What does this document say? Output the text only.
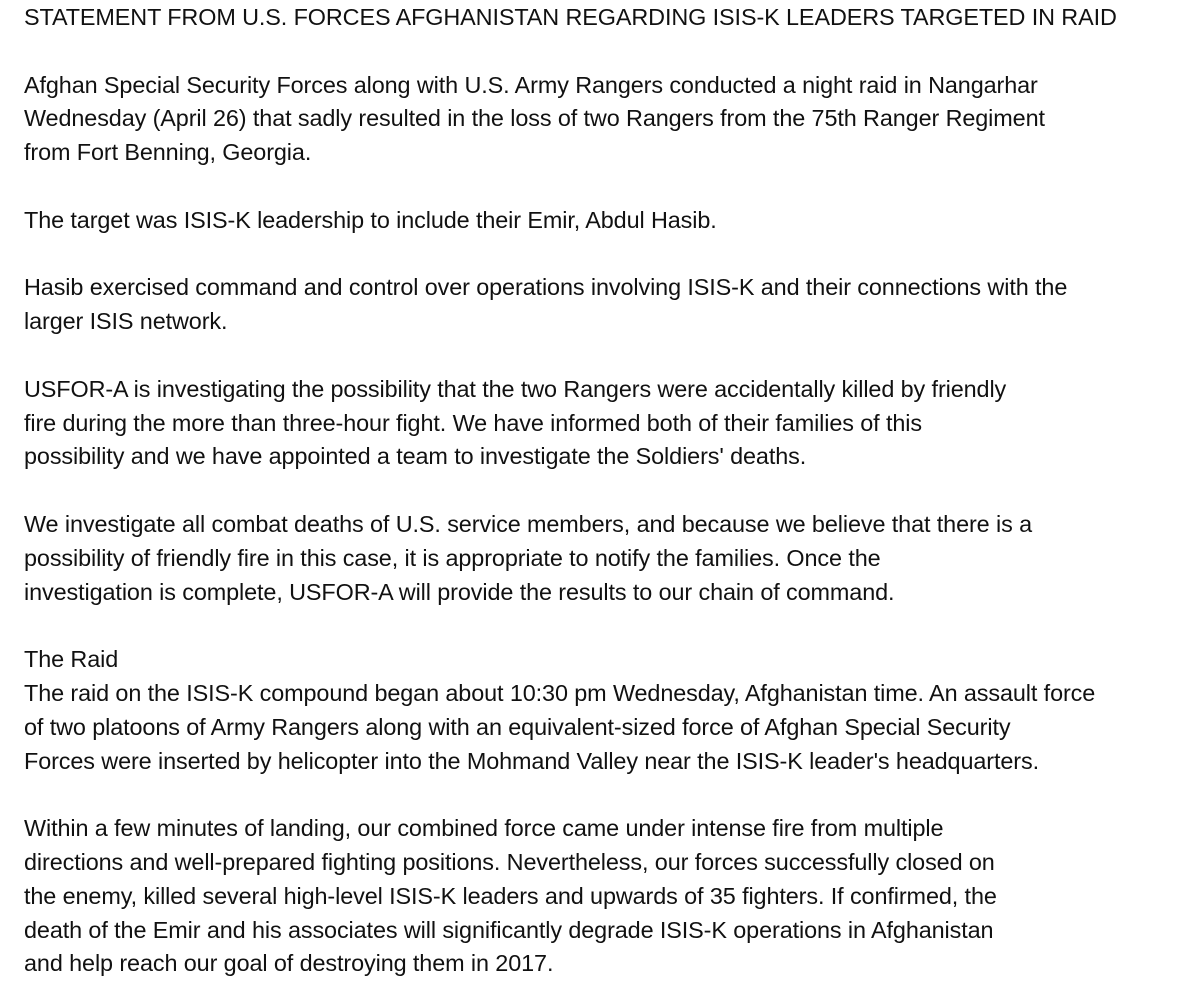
STATEMENT FROM U.S. FORCES AFGHANISTAN REGARDING ISIS-K LEADERS TARGETED IN RAID

Afghan Special Security Forces along with U.S. Army Rangers conducted a night raid in Nangarhar

Wednesday (April 26) that sadly resulted in the loss of two Rangers from the 75th Ranger Regiment

from Fort Benning, Georgia.

The target was ISIS-K leadership to include their Emir, Abdul Hasib.

Hasib exercised command and control over operations involving ISIS-K and their connections with the

larger ISIS network.

USFOR-A is investigating the possibility that the two Rangers were accidentally killed by friendly

fire during the more than three-hour fight. We have informed both of their families of this

possibility and we have appointed a team to investigate the Soldiers' deaths.

We investigate all combat deaths of U.S. service members, and because we believe that there is a

possibility of friendly fire in this case, it is appropriate to notify the families. Once the

investigation is complete, USFOR-A will provide the results to our chain of command.

The Raid

The raid on the ISIS-K compound began about 10:30 pm Wednesday, Afghanistan time. An assault force

of two platoons of Army Rangers along with an equivalent-sized force of Afghan Special Security

Forces were inserted by helicopter into the Mohmand Valley near the ISIS-K leader's headquarters.

Within a few minutes of landing, our combined force came under intense fire from multiple

directions and well-prepared fighting positions. Nevertheless, our forces successfully closed on

the enemy, killed several high-level ISIS-K leaders and upwards of 35 fighters. If confirmed, the

death of the Emir and his associates will significantly degrade ISIS-K operations in Afghanistan

and help reach our goal of destroying them in 2017.
